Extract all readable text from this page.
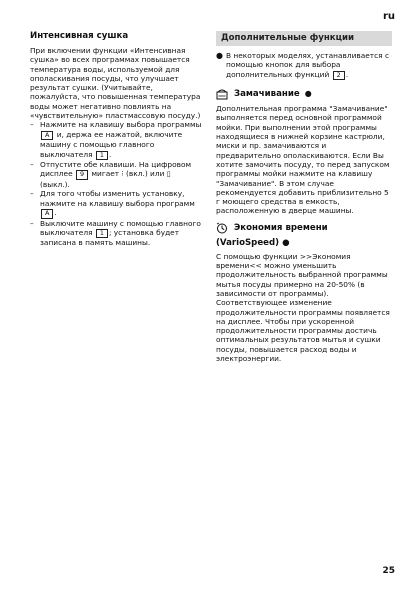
ru
Интенсивная сушка

При включении функции «Интенсивная сушка» во всех программах повышается температура воды, используемой для ополаскивания посуды, что улучшает результат сушки. (Учитывайте, пожалуйста, что повышенная температура воды может негативно повлиять на «чувствительную» пластмассовую посуду.)

– Нажмите на клавишу выбора программы A и, держа ее нажатой, включите машину с помощью главного выключателя 1 .
– Отпустите обе клавиши. На цифровом дисплее 9 мигает ⁝ (вкл.) или ▯ (выкл.).
– Для того чтобы изменить установку, нажмите на клавишу выбора программ A .
– Выключите машину с помощью главного выключателя 1 ; установка будет записана в память машины.
Дополнительные функции
● В некоторых моделях, устанавливается с помощью кнопок для выбора дополнительных функций 2 .
Замачивание ●

Дополнительная программа "Замачивание" выполняется перед основной программой мойки. При выполнении этой программы находящиеся в нижней корзине кастрюли, миски и пр. замачиваются и предварительно ополаскиваются. Если Вы хотите замочить посуду, то перед запуском программы мойки нажмите на клавишу "Замачивание". В этом случае рекомендуется добавить приблизительно 5 г моющего средства в емкость, расположенную в дверце машины.

Экономия времени
(VarioSpeed) ●

С помощью функции >>Экономия времени<< можно уменьшить продолжительность выбранной программы мытья посуды примерно на 20-50% (в зависимости от программы). Соответствующее изменение продолжительности программы появляется на дисплее. Чтобы при ускоренной продолжительности программы достичь оптимальных результатов мытья и сушки посуды, повышается расход воды и электроэнергии.

25
